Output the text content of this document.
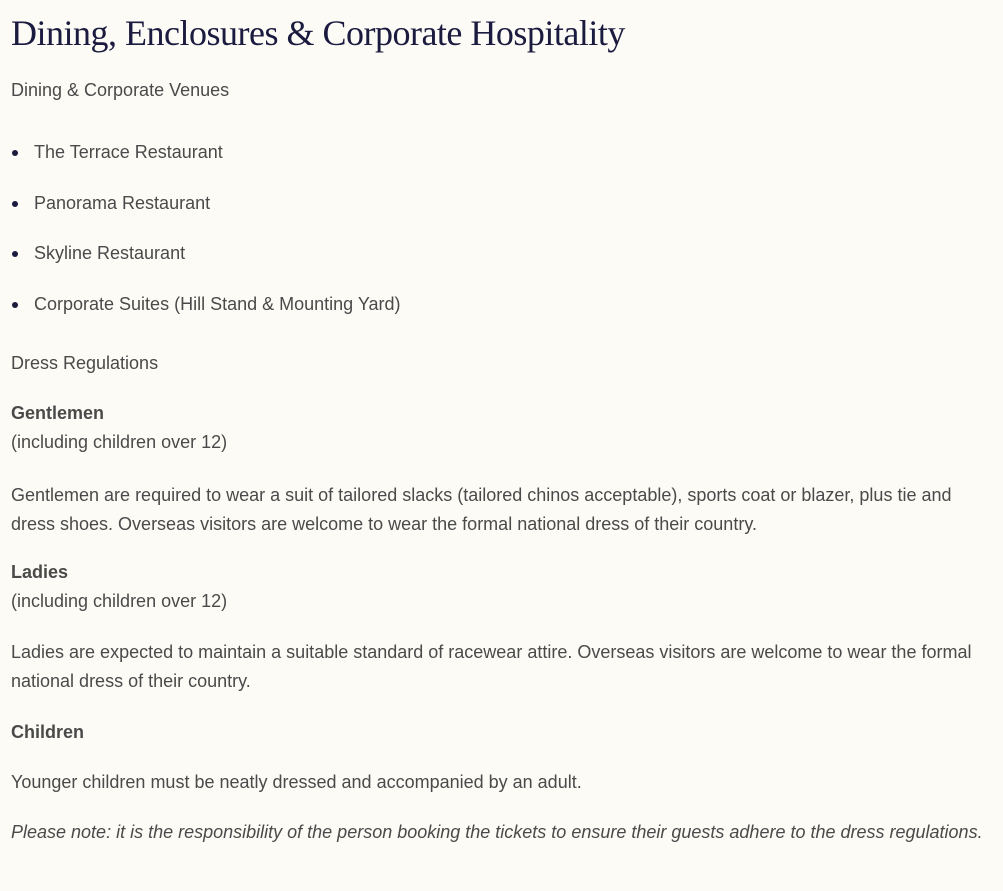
Dining, Enclosures & Corporate Hospitality

Dining & Corporate Venues

The Terrace Restaurant
Panorama Restaurant
Skyline Restaurant
Corporate Suites (Hill Stand & Mounting Yard)

Dress Regulations

Gentlemen
(including children over 12)

Gentlemen are required to wear a suit of tailored slacks (tailored chinos acceptable), sports coat or blazer, plus tie and dress shoes. Overseas visitors are welcome to wear the formal national dress of their country.

Ladies
(including children over 12)

Ladies are expected to maintain a suitable standard of racewear attire. Overseas visitors are welcome to wear the formal national dress of their country.

Children

Younger children must be neatly dressed and accompanied by an adult.

Please note: it is the responsibility of the person booking the tickets to ensure their guests adhere to the dress regulations.
